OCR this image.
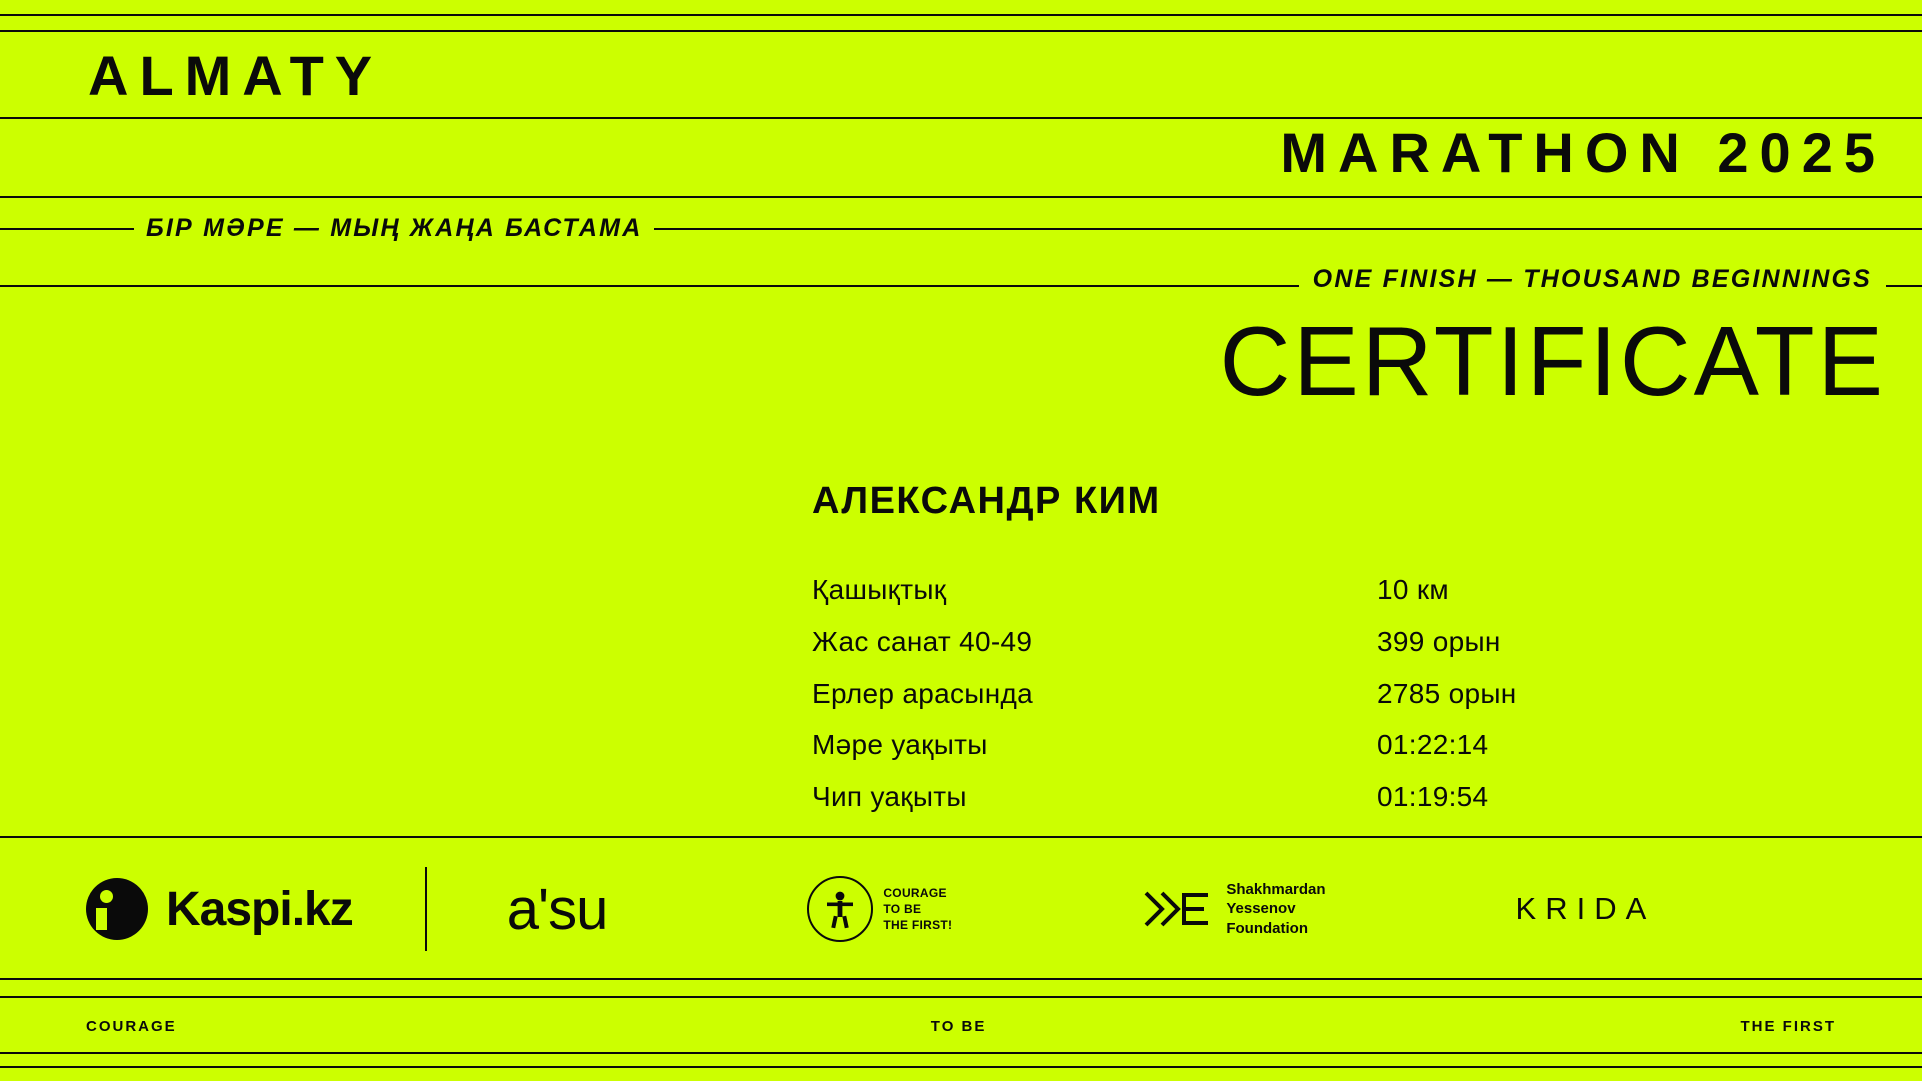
ALMATY
MARATHON 2025
БІР МӘРЕ — МЫҢ ЖАҢА БАСТАМА
ONE FINISH — THOUSAND BEGINNINGS
CERTIFICATE
АЛЕКСАНДР КИМ
Қашықтық	10 км
Жас санат 40-49	399 орын
Ерлер арасында	2785 орын
Мәре уақыты	01:22:14
Чип уақыты	01:19:54
Kaspi.kz	a'su	COURAGE
TO BE
THE FIRST!
Shakhmardan
Yessenov
Foundation
KRIDA
COURAGE	TO BE	THE FIRST
